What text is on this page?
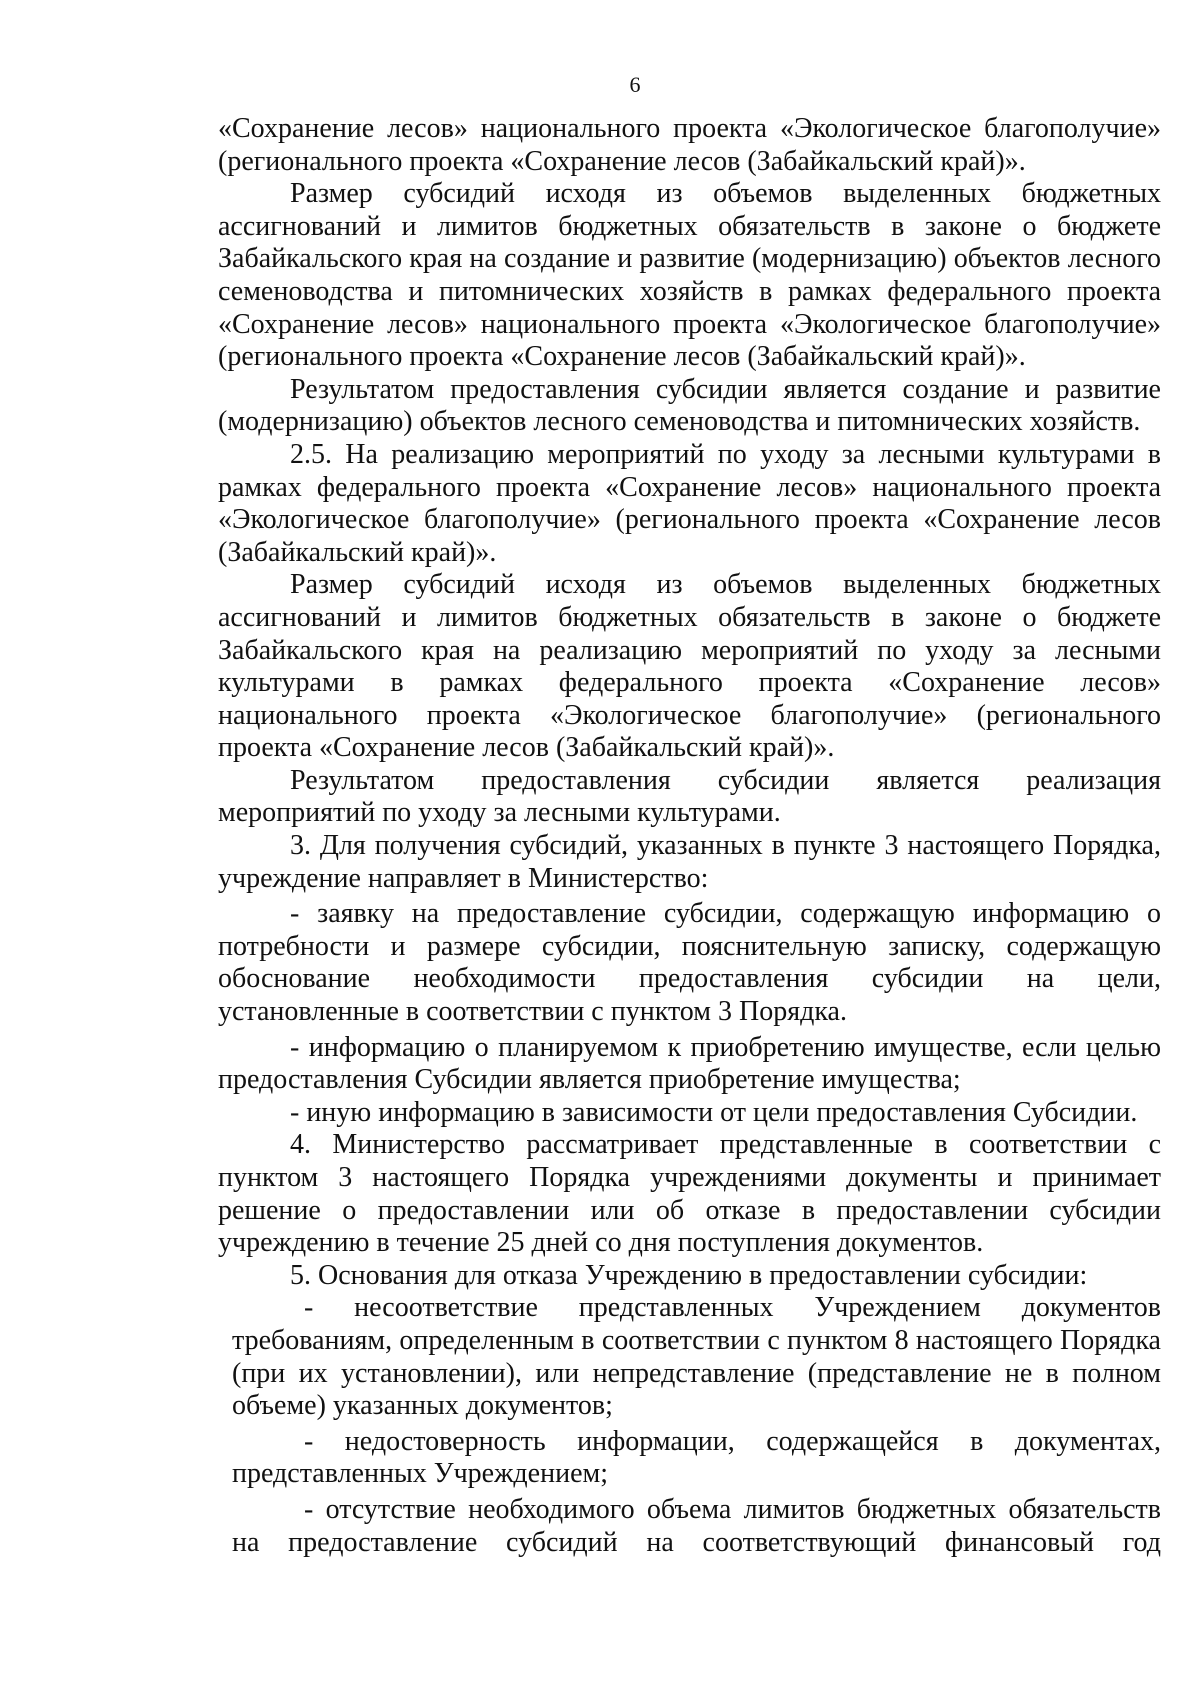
6

«Сохранение лесов» национального проекта «Экологическое благополучие» (регионального проекта «Сохранение лесов (Забайкальский край)».

Размер субсидий исходя из объемов выделенных бюджетных ассигнований и лимитов бюджетных обязательств в законе о бюджете Забайкальского края на создание и развитие (модернизацию) объектов лесного семеноводства и питомнических хозяйств в рамках федерального проекта «Сохранение лесов» национального проекта «Экологическое благополучие» (регионального проекта «Сохранение лесов (Забайкальский край)».

Результатом предоставления субсидии является создание и развитие (модернизацию) объектов лесного семеноводства и питомнических хозяйств.

2.5. На реализацию мероприятий по уходу за лесными культурами в рамках федерального проекта «Сохранение лесов» национального проекта «Экологическое благополучие» (регионального проекта «Сохранение лесов (Забайкальский край)».

Размер субсидий исходя из объемов выделенных бюджетных ассигнований и лимитов бюджетных обязательств в законе о бюджете Забайкальского края на реализацию мероприятий по уходу за лесными культурами в рамках федерального проекта «Сохранение лесов» национального проекта «Экологическое благополучие» (регионального проекта «Сохранение лесов (Забайкальский край)».

Результатом предоставления субсидии является реализация мероприятий по уходу за лесными культурами.

3. Для получения субсидий, указанных в пункте 3 настоящего Порядка, учреждение направляет в Министерство:

- заявку на предоставление субсидии, содержащую информацию о потребности и размере субсидии, пояснительную записку, содержащую обоснование необходимости предоставления субсидии на цели, установленные в соответствии с пунктом 3 Порядка.

- информацию о планируемом к приобретению имуществе, если целью предоставления Субсидии является приобретение имущества;

- иную информацию в зависимости от цели предоставления Субсидии.

4. Министерство рассматривает представленные в соответствии с пунктом 3 настоящего Порядка учреждениями документы и принимает решение о предоставлении или об отказе в предоставлении субсидии учреждению в течение 25 дней со дня поступления документов.

5. Основания для отказа Учреждению в предоставлении субсидии:

- несоответствие представленных Учреждением документов требованиям, определенным в соответствии с пунктом 8 настоящего Порядка (при их установлении), или непредставление (представление не в полном объеме) указанных документов;

- недостоверность информации, содержащейся в документах, представленных Учреждением;

- отсутствие необходимого объема лимитов бюджетных обязательств на предоставление субсидий на соответствующий финансовый год
